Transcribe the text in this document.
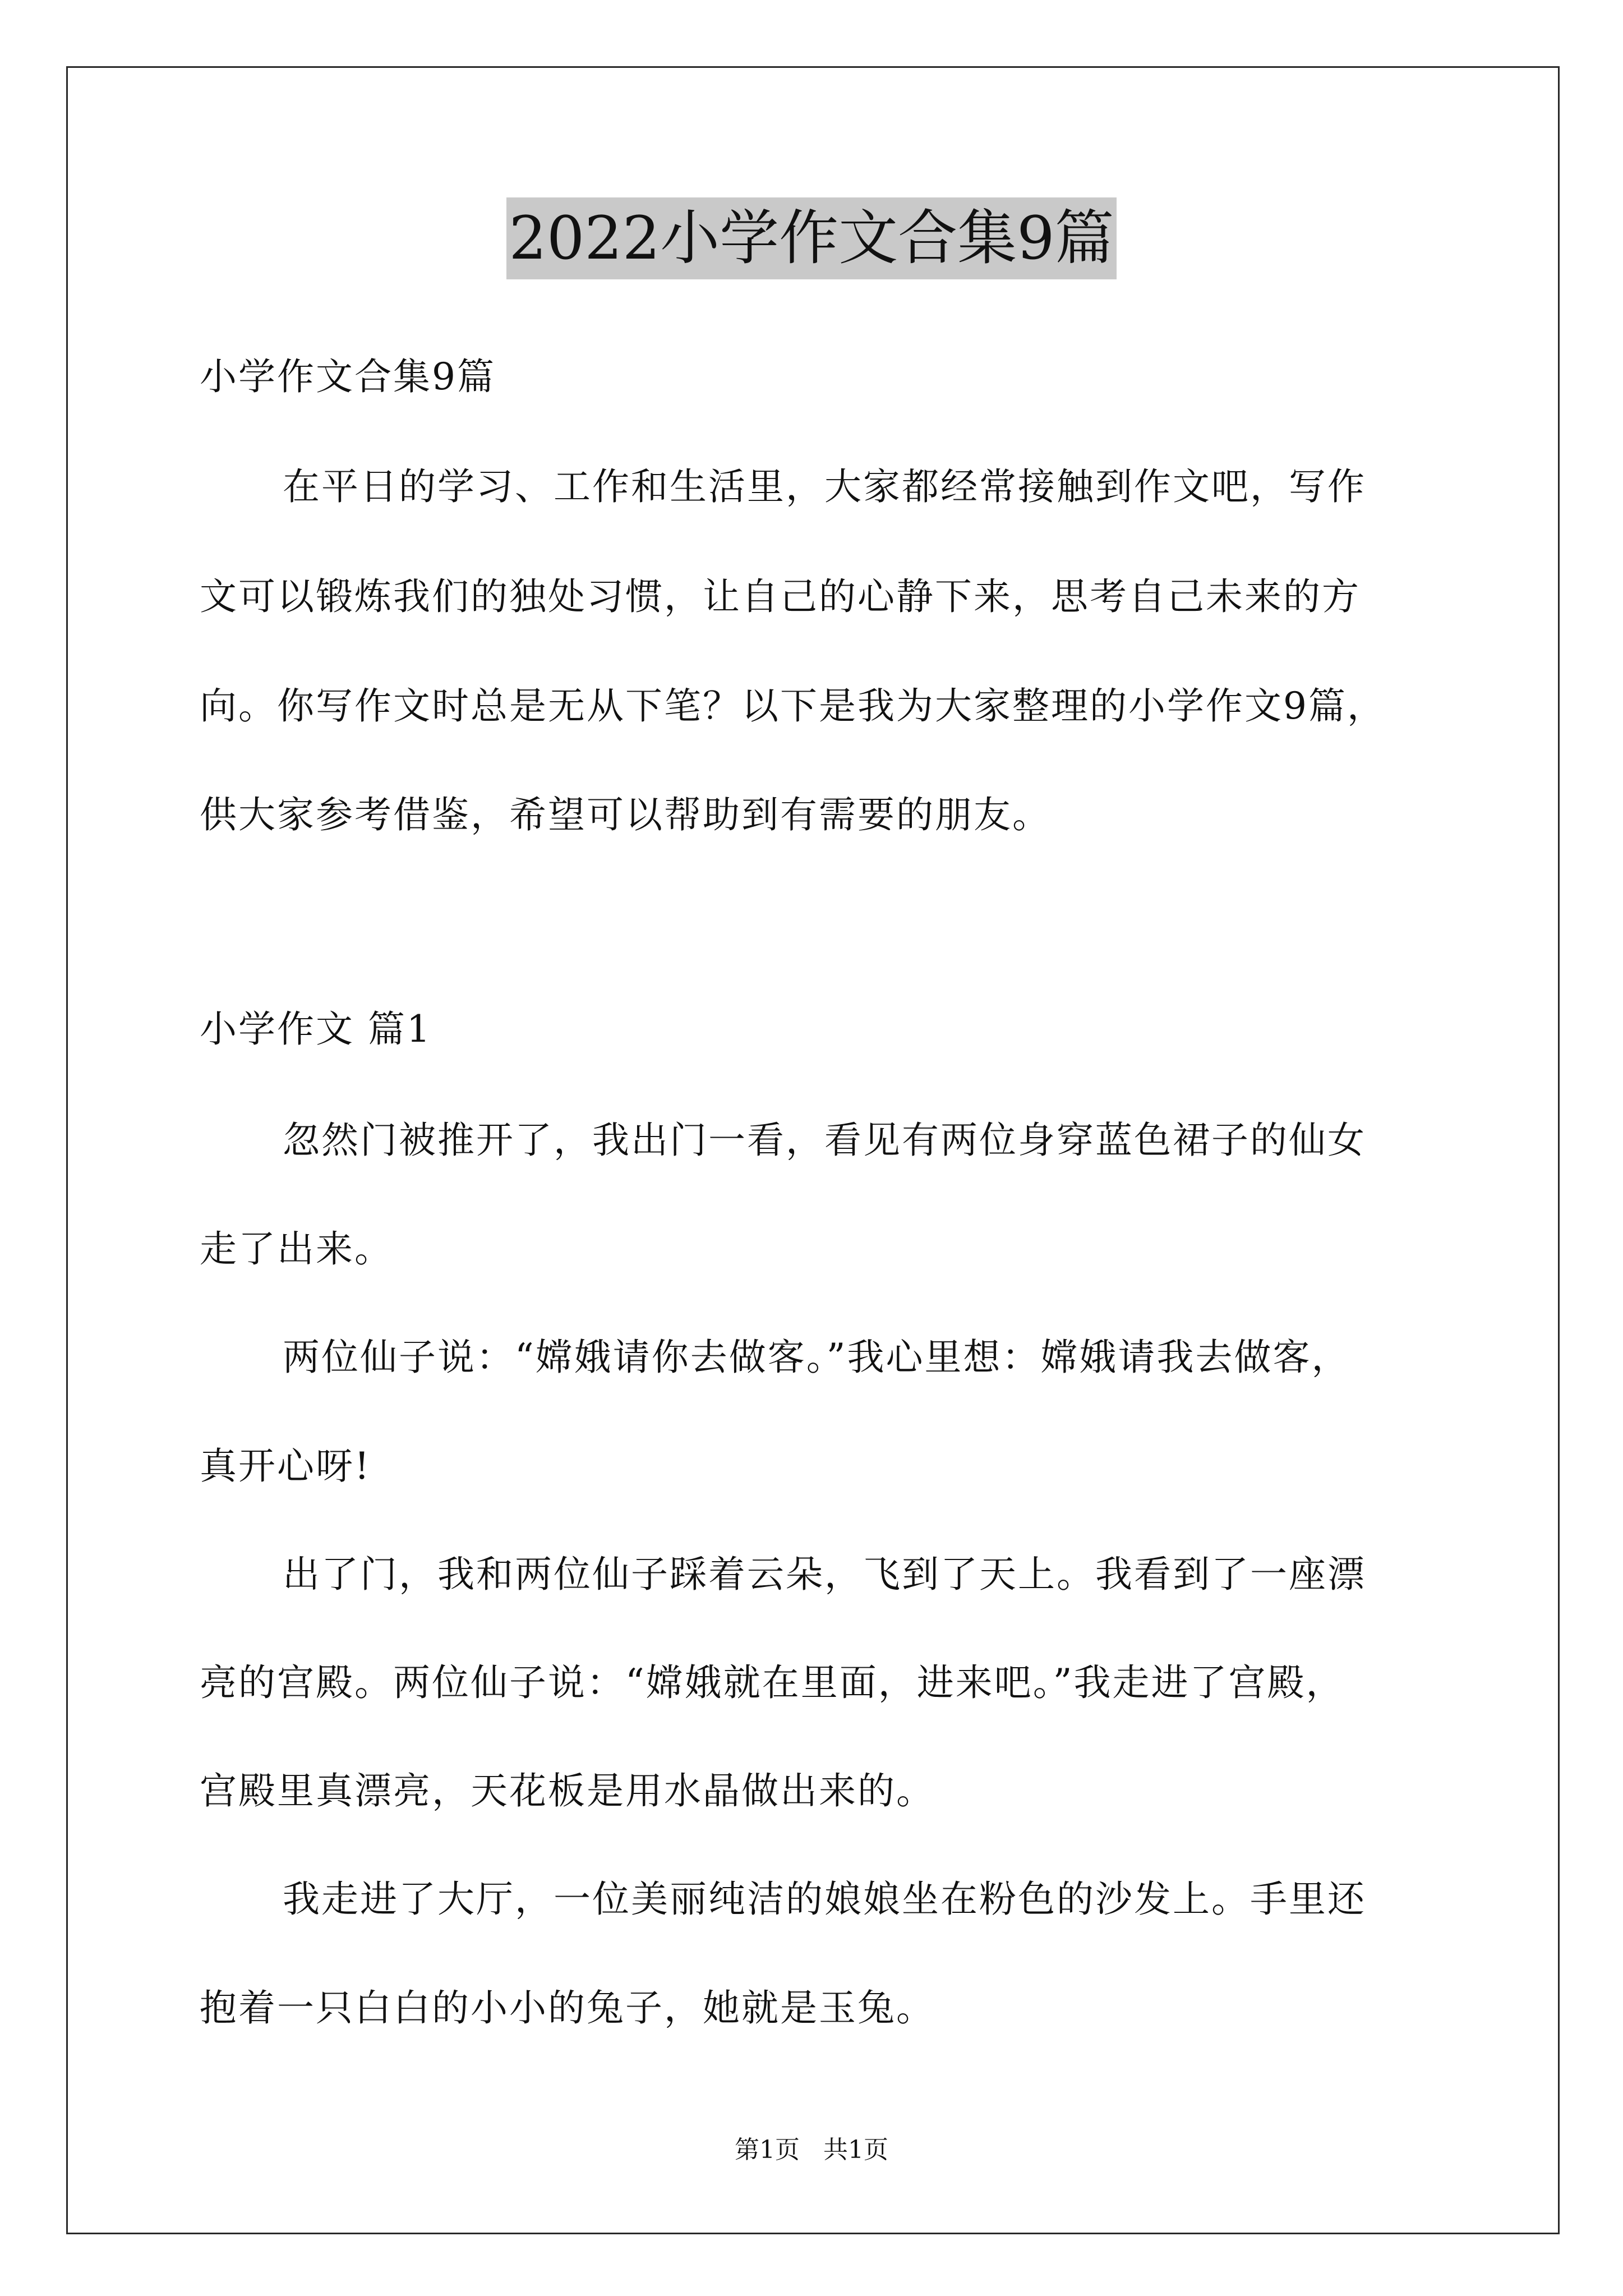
2022小学作文合集9篇
小学作文合集9篇
在平日的学习、工作和生活里，大家都经常接触到作文吧，写作
文可以锻炼我们的独处习惯，让自己的心静下来，思考自己未来的方
向。你写作文时总是无从下笔？以下是我为大家整理的小学作文9篇，
供大家参考借鉴，希望可以帮助到有需要的朋友。
小学作文 篇1
忽然门被推开了，我出门一看，看见有两位身穿蓝色裙子的仙女
走了出来。
两位仙子说：“嫦娥请你去做客。”我心里想：嫦娥请我去做客，
真开心呀!
出了门，我和两位仙子踩着云朵，飞到了天上。我看到了一座漂
亮的宫殿。两位仙子说：“嫦娥就在里面，进来吧。”我走进了宫殿，
宫殿里真漂亮，天花板是用水晶做出来的。
我走进了大厅，一位美丽纯洁的娘娘坐在粉色的沙发上。手里还
抱着一只白白的小小的兔子，她就是玉兔。
第1页   共1页
